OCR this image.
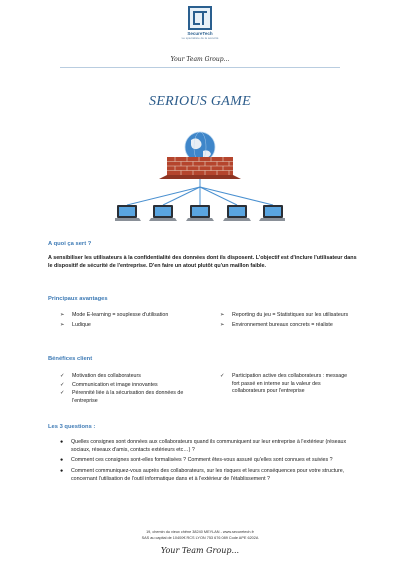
SecureTech
Le spécialiste de la sécurité
Your Team Group...
SERIOUS GAME
A quoi ça sert ?
A sensibiliser les utilisateurs à la confidentialité des données dont ils disposent. L'objectif est d'inclure l'utilisateur dans le dispositif de sécurité de l'entreprise. D'en faire un atout plutôt qu'un maillon faible.
Principaux avantages
➢ Mode E-learning = souplesse d'utilisation
➢ Ludique
➢ Reporting du jeu = Statistiques sur les utilisateurs
➢ Environnement bureaux concrets = réaliste
Bénéfices client
✓ Motivation des collaborateurs
✓ Communication et image innovantes
✓ Pérennité liée à la sécurisation des données de l'entreprise
✓ Participation active des collaborateurs : message fort passé en interne sur la valeur des collaborateurs pour l'entreprise
Les 3 questions :
● Quelles consignes sont données aux collaborateurs quand ils communiquent sur leur entreprise à l'extérieur (réseaux sociaux, réseaux d'amis, contacts extérieurs etc…) ?
● Comment ces consignes sont-elles formalisées ? Comment êtes-vous assuré qu'elles sont connues et suivies ?
● Comment communiquez-vous auprès des collaborateurs, sur les risques et leurs conséquences pour votre structure, concernant l'utilisation de l'outil informatique dans et à l'extérieur de l'établissement ?
19, chemin du vieux chêne 38240 MEYLAN - www.securetech.fr
SAS au capital de 10400€ RCS LYON 753 676 089 Code APE 6202A
Your Team Group...
